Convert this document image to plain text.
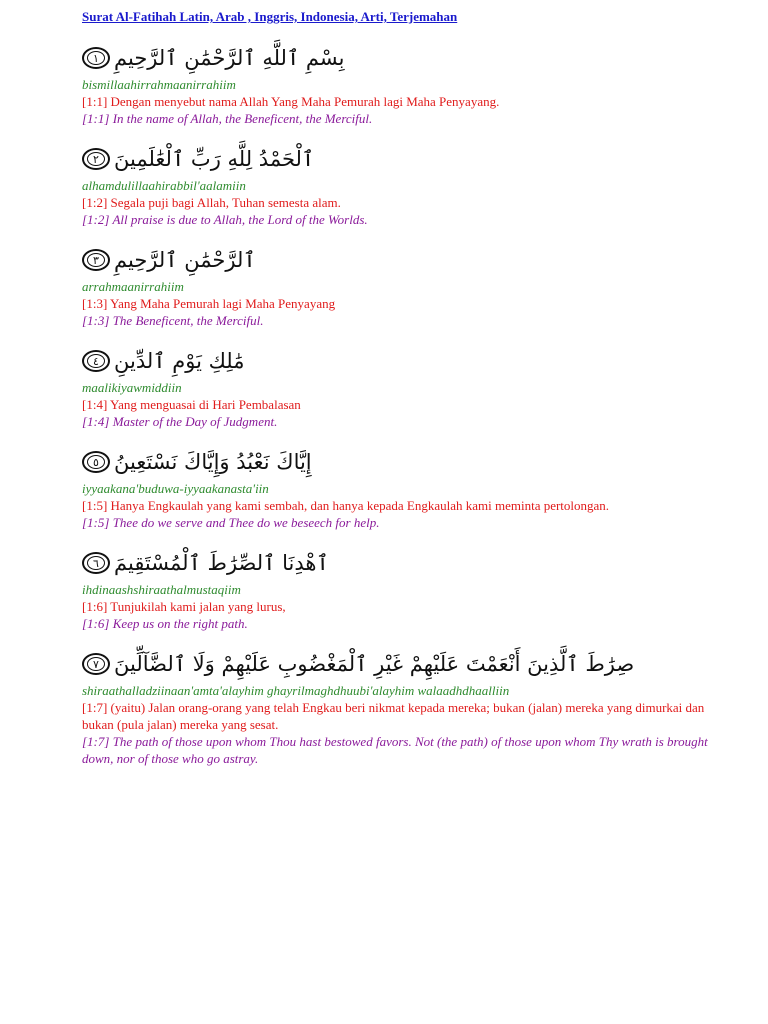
Surat Al-Fatihah Latin, Arab , Inggris, Indonesia, Arti, Terjemahan
١ بِسْمِ ٱللَّهِ ٱلرَّحْمَٰنِ ٱلرَّحِيمِ

bismillaahirrahmaanirrahiim

[1:1] Dengan menyebut nama Allah Yang Maha Pemurah lagi Maha Penyayang.

[1:1] In the name of Allah, the Beneficent, the Merciful.

٢ ٱلْحَمْدُ لِلَّهِ رَبِّ ٱلْعَٰلَمِينَ

alhamdulillaahirabbil'aalamiin

[1:2] Segala puji bagi Allah, Tuhan semesta alam.

[1:2] All praise is due to Allah, the Lord of the Worlds.

٣ ٱلرَّحْمَٰنِ ٱلرَّحِيمِ

arrahmaanirrahiim

[1:3] Yang Maha Pemurah lagi Maha Penyayang

[1:3] The Beneficent, the Merciful.

٤ مَٰلِكِ يَوْمِ ٱلدِّينِ

maalikiyawmiddiin

[1:4] Yang menguasai di Hari Pembalasan

[1:4] Master of the Day of Judgment.

٥ إِيَّاكَ نَعْبُدُ وَإِيَّاكَ نَسْتَعِينُ

iyyaakana'buduwa-iyyaakanasta'iin

[1:5] Hanya Engkaulah yang kami sembah, dan hanya kepada Engkaulah kami meminta pertolongan.

[1:5] Thee do we serve and Thee do we beseech for help.

٦ ٱهْدِنَا ٱلصِّرَٰطَ ٱلْمُسْتَقِيمَ

ihdinaashshiraathalmustaqiim

[1:6] Tunjukilah kami jalan yang lurus,

[1:6] Keep us on the right path.

٧ صِرَٰطَ ٱلَّذِينَ أَنْعَمْتَ عَلَيْهِمْ غَيْرِ ٱلْمَغْضُوبِ عَلَيْهِمْ وَلَا ٱلضَّآلِّينَ

shiraathalladziinaan'amta'alayhim ghayrilmaghdhuubi'alayhim walaadhdhaalliin

[1:7] (yaitu) Jalan orang-orang yang telah Engkau beri nikmat kepada mereka; bukan (jalan) mereka yang dimurkai dan bukan (pula jalan) mereka yang sesat.

[1:7] The path of those upon whom Thou hast bestowed favors. Not (the path) of those upon whom Thy wrath is brought down, nor of those who go astray.
